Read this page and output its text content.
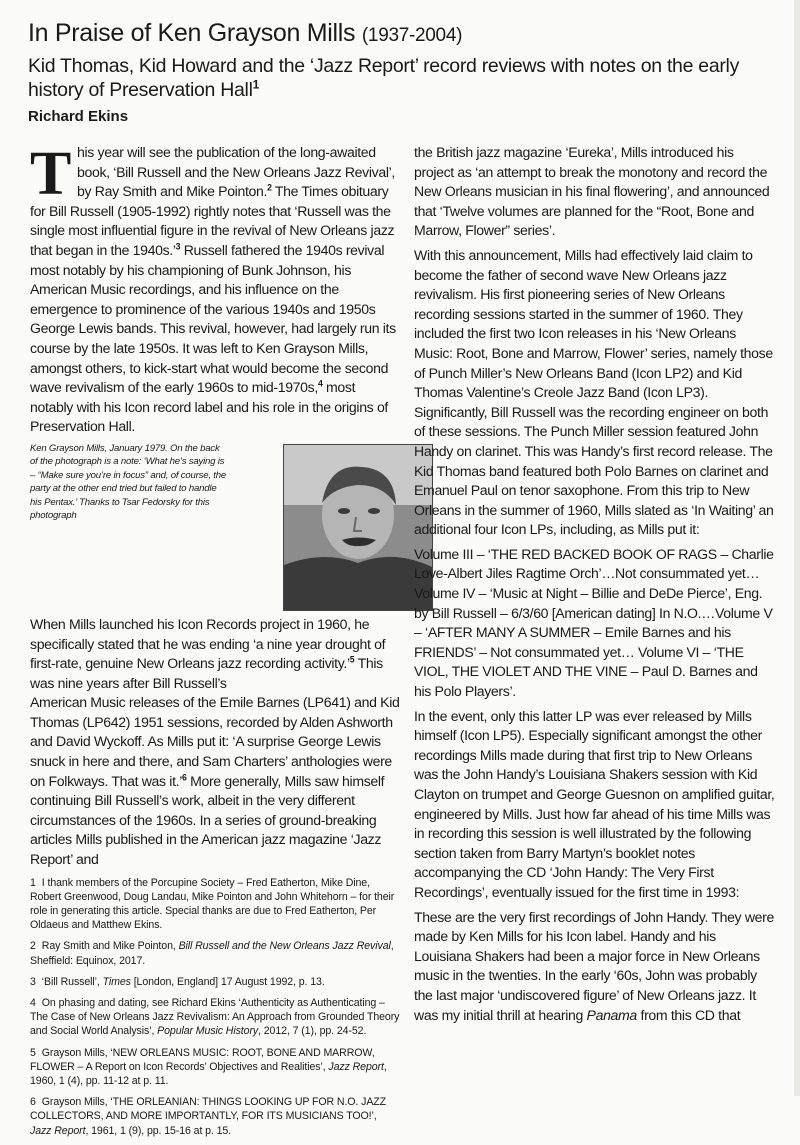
In Praise of Ken Grayson Mills (1937-2004)
Kid Thomas, Kid Howard and the ‘Jazz Report’ record reviews with notes on the early history of Preservation Hall$^1$
Richard Ekins

This year will see the publication of the long-awaited book, ‘Bill Russell and the New Orleans Jazz Revival’, by Ray Smith and Mike Pointon.$^2$ The Times obituary for Bill Russell (1905-1992) rightly notes that ‘Russell was the single most influential figure in the revival of New Orleans jazz that began in the 1940s.’$^3$ Russell fathered the 1940s revival most notably by his championing of Bunk Johnson, his American Music recordings, and his influence on the emergence to prominence of the various 1940s and 1950s George Lewis bands. This revival, however, had largely run its course by the late 1950s. It was left to Ken Grayson Mills, amongst others, to kick-start what would become the second wave revivalism of the early 1960s to mid-1970s,$^4$ most notably with his Icon record label and his role in the origins of Preservation Hall.

Ken Grayson Mills, January 1979. On the back of the photograph is a note: ‘What he’s saying is – “Make sure you’re in focus” and, of course, the party at the other end tried but failed to handle his Pentax.’ Thanks to Tsar Fedorsky for this photograph

When Mills launched his Icon Records project in 1960, he specifically stated that he was ending ‘a nine year drought of first-rate, genuine New Orleans jazz recording activity.’$^5$ This was nine years after Bill Russell’s

American Music releases of the Emile Barnes (LP641) and Kid Thomas (LP642) 1951 sessions, recorded by Alden Ashworth and David Wyckoff. As Mills put it: ‘A surprise George Lewis snuck in here and there, and Sam Charters’ anthologies were on Folkways. That was it.’$^6$ More generally, Mills saw himself continuing Bill Russell’s work, albeit in the very different circumstances of the 1960s. In a series of ground-breaking articles Mills published in the American jazz magazine ‘Jazz Report’ and

1 I thank members of the Porcupine Society – Fred Eatherton, Mike Dine, Robert Greenwood, Doug Landau, Mike Pointon and John Whitehorn – for their role in generating this article. Special thanks are due to Fred Eatherton, Per Oldaeus and Matthew Ekins.
2 Ray Smith and Mike Pointon, Bill Russell and the New Orleans Jazz Revival, Sheffield: Equinox, 2017.
3 ‘Bill Russell’, Times [London, England] 17 August 1992, p. 13.
4 On phasing and dating, see Richard Ekins ‘Authenticity as Authenticating – The Case of New Orleans Jazz Revivalism: An Approach from Grounded Theory and Social World Analysis’, Popular Music History, 2012, 7 (1), pp. 24-52.
5 Grayson Mills, ‘NEW ORLEANS MUSIC: ROOT, BONE AND MARROW, FLOWER – A Report on Icon Records’ Objectives and Realities’, Jazz Report, 1960, 1 (4), pp. 11-12 at p. 11.
6 Grayson Mills, ‘THE ORLEANIAN: THINGS LOOKING UP FOR N.O. JAZZ COLLECTORS, AND MORE IMPORTANTLY, FOR ITS MUSICIANS TOO!’, Jazz Report, 1961, 1 (9), pp. 15-16 at p. 15.

the British jazz magazine ‘Eureka’, Mills introduced his project as ‘an attempt to break the monotony and record the New Orleans musician in his final flowering’, and announced that ‘Twelve volumes are planned for the “Root, Bone and Marrow, Flower” series’.

With this announcement, Mills had effectively laid claim to become the father of second wave New Orleans jazz revivalism. His first pioneering series of New Orleans recording sessions started in the summer of 1960. They included the first two Icon releases in his ‘New Orleans Music: Root, Bone and Marrow, Flower’ series, namely those of Punch Miller’s New Orleans Band (Icon LP2) and Kid Thomas Valentine’s Creole Jazz Band (Icon LP3). Significantly, Bill Russell was the recording engineer on both of these sessions. The Punch Miller session featured John Handy on clarinet. This was Handy’s first record release. The Kid Thomas band featured both Polo Barnes on clarinet and Emanuel Paul on tenor saxophone. From this trip to New Orleans in the summer of 1960, Mills slated as ‘In Waiting’ an additional four Icon LPs, including, as Mills put it:

Volume III – ‘THE RED BACKED BOOK OF RAGS – Charlie Love-Albert Jiles Ragtime Orch’…Not consummated yet…Volume IV – ‘Music at Night – Billie and DeDe Pierce’, Eng. by Bill Russell – 6/3/60 [American dating] In N.O.…Volume V – ‘AFTER MANY A SUMMER – Emile Barnes and his FRIENDS’ – Not consummated yet… Volume VI – ‘THE VIOL, THE VIOLET AND THE VINE – Paul D. Barnes and his Polo Players’.

In the event, only this latter LP was ever released by Mills himself (Icon LP5). Especially significant amongst the other recordings Mills made during that first trip to New Orleans was the John Handy’s Louisiana Shakers session with Kid Clayton on trumpet and George Guesnon on amplified guitar, engineered by Mills. Just how far ahead of his time Mills was in recording this session is well illustrated by the following section taken from Barry Martyn’s booklet notes accompanying the CD ‘John Handy: The Very First Recordings’, eventually issued for the first time in 1993:

These are the very first recordings of John Handy. They were made by Ken Mills for his Icon label. Handy and his Louisiana Shakers had been a major force in New Orleans music in the twenties. In the early ‘60s, John was probably the last major ‘undiscovered figure’ of New Orleans jazz. It was my initial thrill at hearing Panama from this CD that
